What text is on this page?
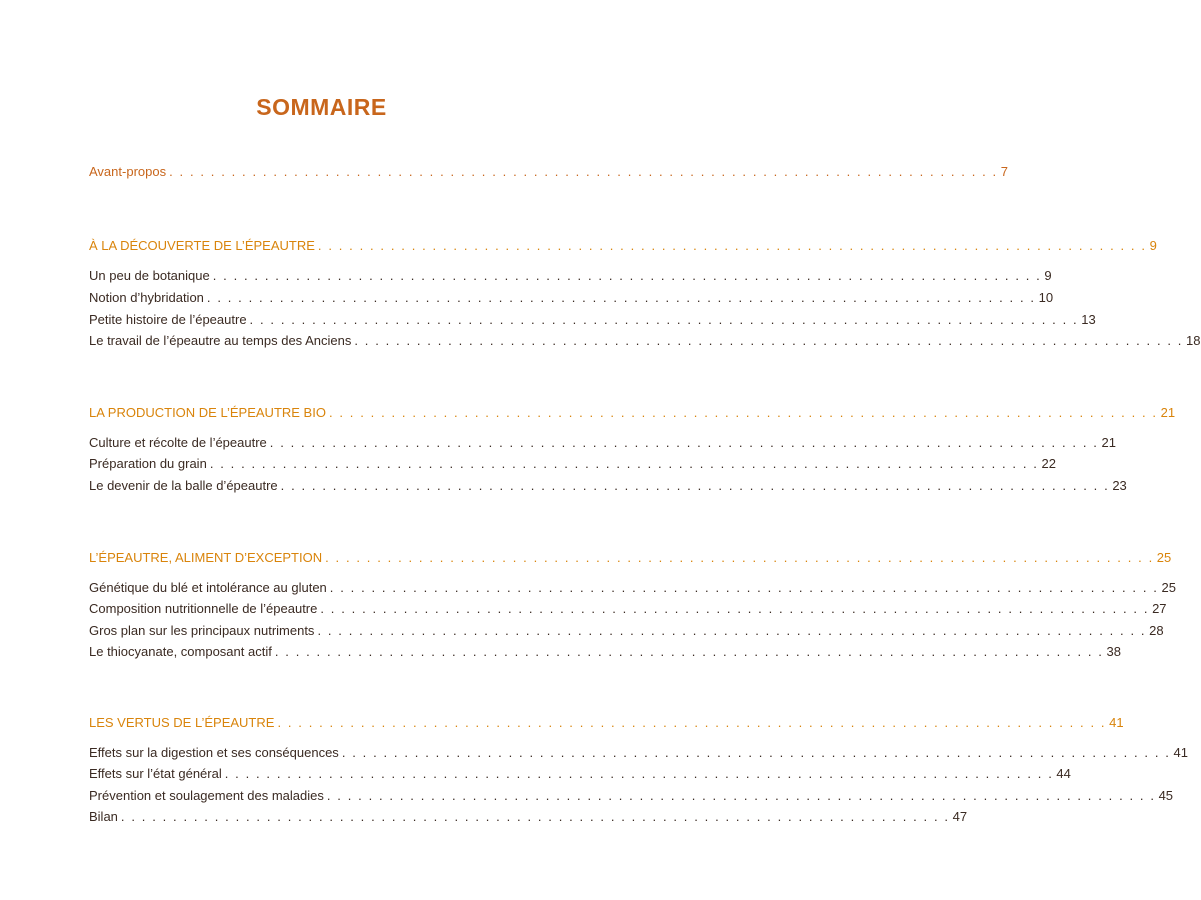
SOMMAIRE
Avant-propos . . . . . . . . . . . . . . . . . . . . . . . . . . . . . . . . . . . . . . . . . . . . . . . . . . . . . . . . . . . . . . . . . . . . . . . . . . . . . . . . 7
À LA DÉCOUVERTE DE L’ÉPEAUTRE . . . . . . . . . . . . . . . . . . . . . . . . . . . . . . . . . . . . . . . . . . . . . . . . . . . . . . . . . . . . . . . . . . . . . . . . . . . . . . . . 9
Un peu de botanique . . . . . . . . . . . . . . . . . . . . . . . . . . . . . . . . . . . . . . . . . . . . . . . . . . . . . . . . . . . . . . . . . . . . . . . . . . . . . . . . 9
Notion d’hybridation . . . . . . . . . . . . . . . . . . . . . . . . . . . . . . . . . . . . . . . . . . . . . . . . . . . . . . . . . . . . . . . . . . . . . . . . . . . . . . . . 10
Petite histoire de l’épeautre . . . . . . . . . . . . . . . . . . . . . . . . . . . . . . . . . . . . . . . . . . . . . . . . . . . . . . . . . . . . . . . . . . . . . . . . . . . . . . . . 13
Le travail de l’épeautre au temps des Anciens . . . . . . . . . . . . . . . . . . . . . . . . . . . . . . . . . . . . . . . . . . . . . . . . . . . . . . . . . . . . . . . . . . . . . . . . . . . . . . . . 18
LA PRODUCTION DE L’ÉPEAUTRE BIO . . . . . . . . . . . . . . . . . . . . . . . . . . . . . . . . . . . . . . . . . . . . . . . . . . . . . . . . . . . . . . . . . . . . . . . . . . . . . . . . 21
Culture et récolte de l’épeautre . . . . . . . . . . . . . . . . . . . . . . . . . . . . . . . . . . . . . . . . . . . . . . . . . . . . . . . . . . . . . . . . . . . . . . . . . . . . . . . . 21
Préparation du grain . . . . . . . . . . . . . . . . . . . . . . . . . . . . . . . . . . . . . . . . . . . . . . . . . . . . . . . . . . . . . . . . . . . . . . . . . . . . . . . . 22
Le devenir de la balle d’épeautre . . . . . . . . . . . . . . . . . . . . . . . . . . . . . . . . . . . . . . . . . . . . . . . . . . . . . . . . . . . . . . . . . . . . . . . . . . . . . . . . 23
L’ÉPEAUTRE, ALIMENT D’EXCEPTION . . . . . . . . . . . . . . . . . . . . . . . . . . . . . . . . . . . . . . . . . . . . . . . . . . . . . . . . . . . . . . . . . . . . . . . . . . . . . . . . 25
Génétique du blé et intolérance au gluten . . . . . . . . . . . . . . . . . . . . . . . . . . . . . . . . . . . . . . . . . . . . . . . . . . . . . . . . . . . . . . . . . . . . . . . . . . . . . . . . 25
Composition nutritionnelle de l’épeautre . . . . . . . . . . . . . . . . . . . . . . . . . . . . . . . . . . . . . . . . . . . . . . . . . . . . . . . . . . . . . . . . . . . . . . . . . . . . . . . . 27
Gros plan sur les principaux nutriments . . . . . . . . . . . . . . . . . . . . . . . . . . . . . . . . . . . . . . . . . . . . . . . . . . . . . . . . . . . . . . . . . . . . . . . . . . . . . . . . 28
Le thiocyanate, composant actif . . . . . . . . . . . . . . . . . . . . . . . . . . . . . . . . . . . . . . . . . . . . . . . . . . . . . . . . . . . . . . . . . . . . . . . . . . . . . . . . 38
LES VERTUS DE L’ÉPEAUTRE . . . . . . . . . . . . . . . . . . . . . . . . . . . . . . . . . . . . . . . . . . . . . . . . . . . . . . . . . . . . . . . . . . . . . . . . . . . . . . . . 41
Effets sur la digestion et ses conséquences . . . . . . . . . . . . . . . . . . . . . . . . . . . . . . . . . . . . . . . . . . . . . . . . . . . . . . . . . . . . . . . . . . . . . . . . . . . . . . . . 41
Effets sur l’état général . . . . . . . . . . . . . . . . . . . . . . . . . . . . . . . . . . . . . . . . . . . . . . . . . . . . . . . . . . . . . . . . . . . . . . . . . . . . . . . . 44
Prévention et soulagement des maladies . . . . . . . . . . . . . . . . . . . . . . . . . . . . . . . . . . . . . . . . . . . . . . . . . . . . . . . . . . . . . . . . . . . . . . . . . . . . . . . . 45
Bilan . . . . . . . . . . . . . . . . . . . . . . . . . . . . . . . . . . . . . . . . . . . . . . . . . . . . . . . . . . . . . . . . . . . . . . . . . . . . . . . . 47
